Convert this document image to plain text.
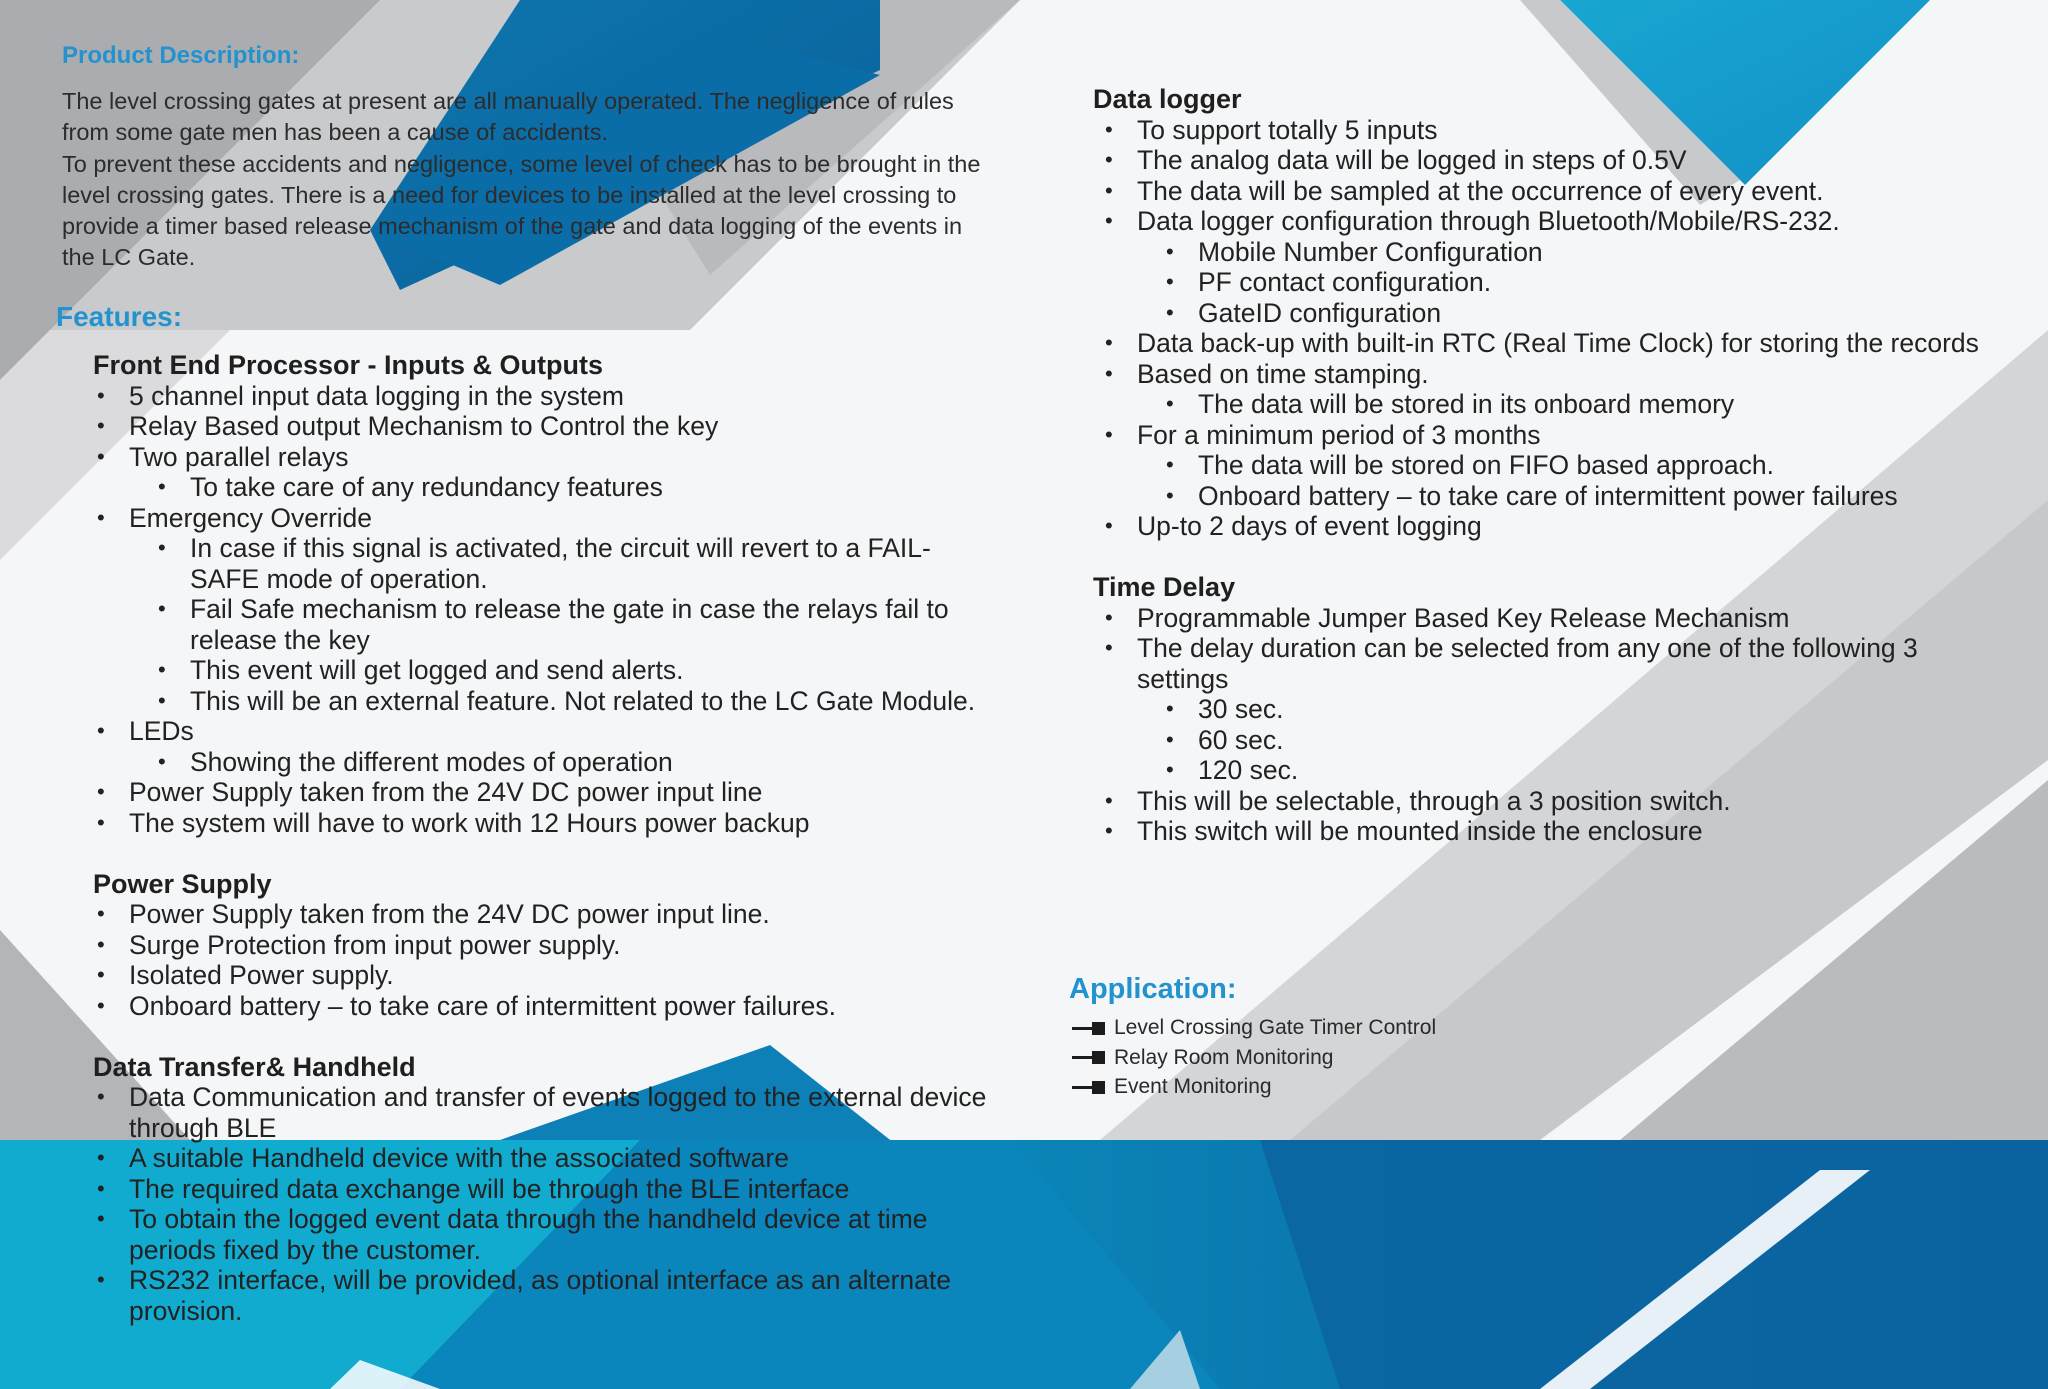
Product Description:
The level crossing gates at present are all manually operated. The negligence of rules from some gate men has been a cause of accidents.
To prevent these accidents and negligence, some level of check has to be brought in the level crossing gates. There is a need for devices to be installed at the level crossing to provide a timer based release mechanism of the gate and data logging of the events in the LC Gate.
Features:
Front End Processor - Inputs & Outputs
• 5 channel input data logging in the system
• Relay Based output Mechanism to Control the key
• Two parallel relays
• To take care of any redundancy features
• Emergency Override
• In case if this signal is activated, the circuit will revert to a FAIL-SAFE mode of operation.
• Fail Safe mechanism to release the gate in case the relays fail to release the key
• This event will get logged and send alerts.
• This will be an external feature. Not related to the LC Gate Module.
• LEDs
• Showing the different modes of operation
• Power Supply taken from the 24V DC power input line
• The system will have to work with 12 Hours power backup
Power Supply
• Power Supply taken from the 24V DC power input line.
• Surge Protection from input power supply.
• Isolated Power supply.
• Onboard battery – to take care of intermittent power failures.
Data Transfer& Handheld
• Data Communication and transfer of events logged to the external device through BLE
• A suitable Handheld device with the associated software
• The required data exchange will be through the BLE interface
• To obtain the logged event data through the handheld device at time periods fixed by the customer.
• RS232 interface, will be provided, as optional interface as an alternate provision.
Data logger
• To support totally 5 inputs
• The analog data will be logged in steps of 0.5V
• The data will be sampled at the occurrence of every event.
• Data logger configuration through Bluetooth/Mobile/RS-232.
• Mobile Number Configuration
• PF contact configuration.
• GateID configuration
• Data back-up with built-in RTC (Real Time Clock) for storing the records
• Based on time stamping.
• The data will be stored in its onboard memory
• For a minimum period of 3 months
• The data will be stored on FIFO based approach.
• Onboard battery – to take care of intermittent power failures
• Up-to 2 days of event logging
Time Delay
• Programmable Jumper Based Key Release Mechanism
• The delay duration can be selected from any one of the following 3 settings
• 30 sec.
• 60 sec.
• 120 sec.
• This will be selectable, through a 3 position switch.
• This switch will be mounted inside the enclosure
Application:
Level Crossing Gate Timer Control
Relay Room Monitoring
Event Monitoring
